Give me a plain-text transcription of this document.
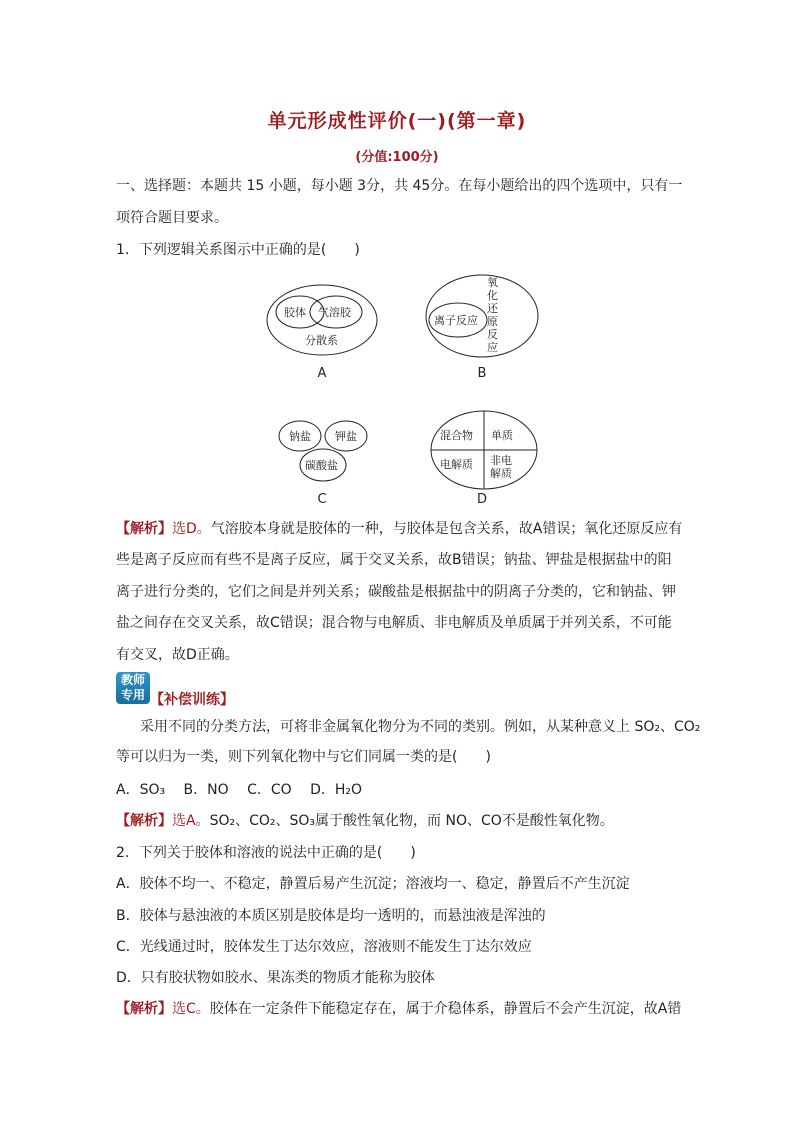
单元形成性评价(一)(第一章)
(分值:100分)
一、选择题：本题共 15 小题，每小题 3分，共 45分。在每小题给出的四个选项中，只有一
项符合题目要求。
1．下列逻辑关系图示中正确的是(　　)
胶体 气溶胶
分散系
A
离子反应
氧
化
还
原
反
应
B
钠盐 钾盐
碳酸盐
C
混合物 单质
电解质 非电
解质
D
【解析】选D。气溶胶本身就是胶体的一种，与胶体是包含关系，故A错误；氧化还原反应有
些是离子反应而有些不是离子反应，属于交叉关系，故B错误；钠盐、钾盐是根据盐中的阳
离子进行分类的，它们之间是并列关系；碳酸盐是根据盐中的阴离子分类的，它和钠盐、钾
盐之间存在交叉关系，故C错误；混合物与电解质、非电解质及单质属于并列关系，不可能
有交叉，故D正确。
教师
专用 【补偿训练】
采用不同的分类方法，可将非金属氧化物分为不同的类别。例如，从某种意义上 SO₂、CO₂
等可以归为一类，则下列氧化物中与它们同属一类的是(　　)
A．SO₃　 B．NO　 C．CO　 D．H₂O
【解析】选A。SO₂、CO₂、SO₃属于酸性氧化物，而 NO、CO不是酸性氧化物。
2．下列关于胶体和溶液的说法中正确的是(　　)
A．胶体不均一、不稳定，静置后易产生沉淀；溶液均一、稳定，静置后不产生沉淀
B．胶体与悬浊液的本质区别是胶体是均一透明的，而悬浊液是浑浊的
C．光线通过时，胶体发生丁达尔效应，溶液则不能发生丁达尔效应
D．只有胶状物如胶水、果冻类的物质才能称为胶体
【解析】选C。胶体在一定条件下能稳定存在，属于介稳体系，静置后不会产生沉淀，故A错
